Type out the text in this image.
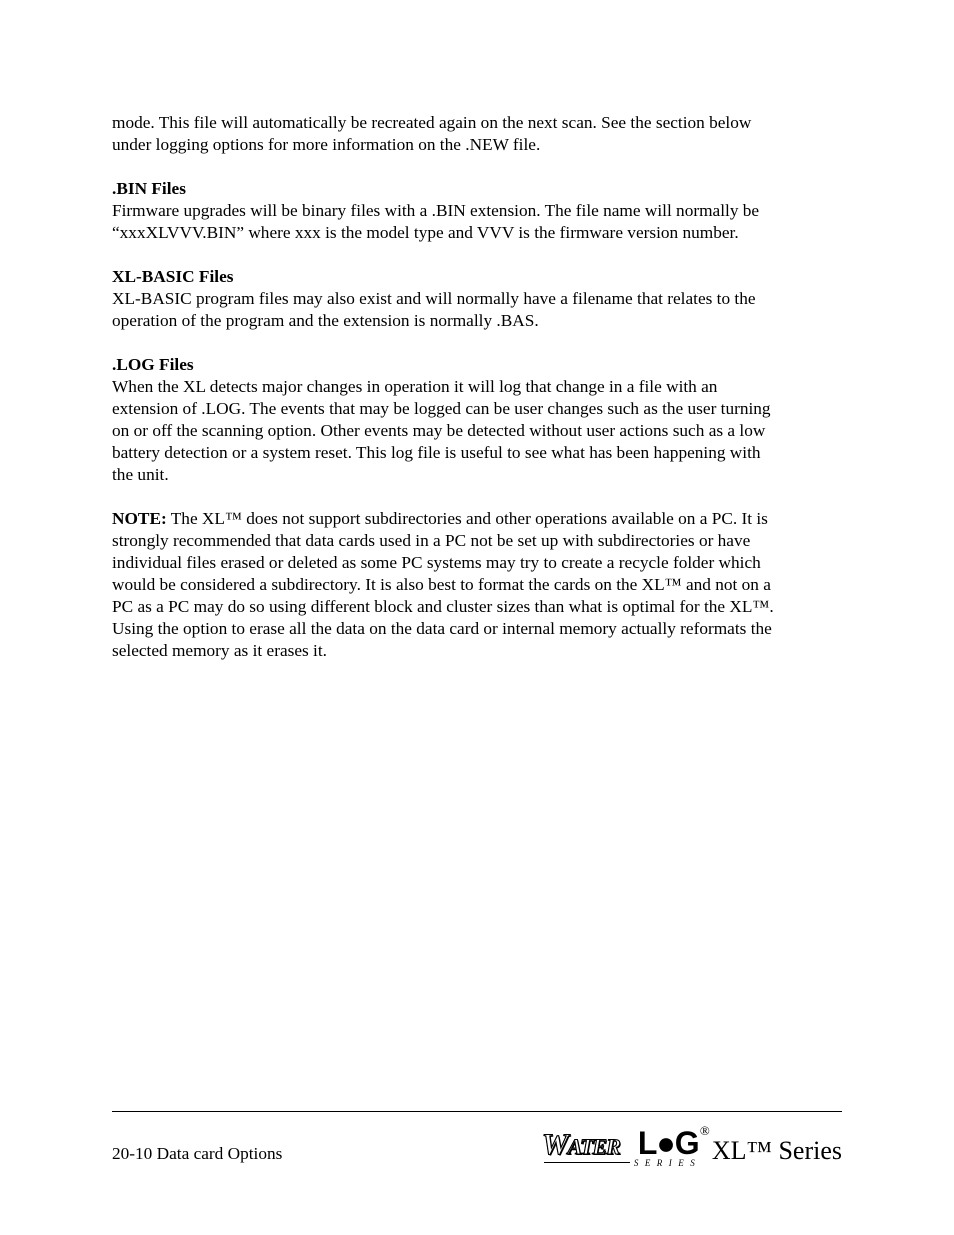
mode. This file will automatically be recreated again on the next scan. See the section below
under logging options for more information on the .NEW file.
.BIN Files
Firmware upgrades will be binary files with a .BIN extension. The file name will normally be
“xxxXLVVV.BIN” where xxx is the model type and VVV is the firmware version number.
XL-BASIC Files
XL-BASIC program files may also exist and will normally have a filename that relates to the
operation of the program and the extension is normally .BAS.
.LOG Files
When the XL detects major changes in operation it will log that change in a file with an
extension of .LOG. The events that may be logged can be user changes such as the user turning
on or off the scanning option. Other events may be detected without user actions such as a low
battery detection or a system reset. This log file is useful to see what has been happening with
the unit.
NOTE: The XL™ does not support subdirectories and other operations available on a PC. It is
strongly recommended that data cards used in a PC not be set up with subdirectories or have
individual files erased or deleted as some PC systems may try to create a recycle folder which
would be considered a subdirectory. It is also best to format the cards on the XL™ and not on a
PC as a PC may do so using different block and cluster sizes than what is optimal for the XL™.
Using the option to erase all the data on the data card or internal memory actually reformats the
selected memory as it erases it.
20-10 Data card Options	WATER L●G ®
SERIES XL™ Series
